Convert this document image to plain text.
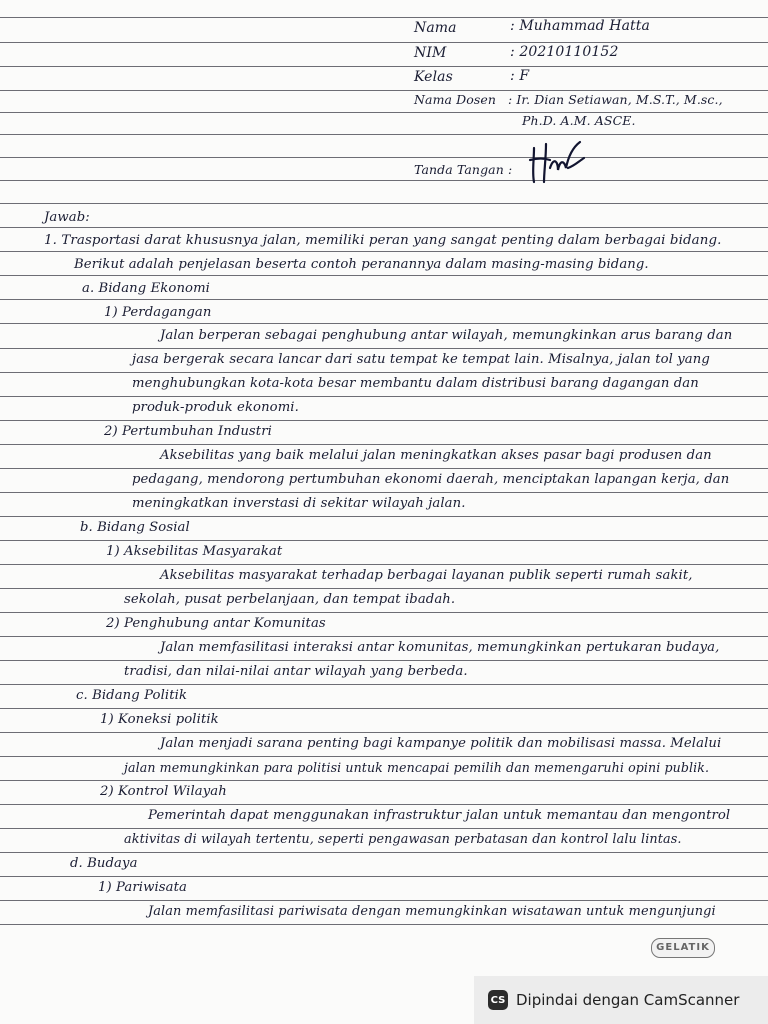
Nama	: Muhammad Hatta
NIM	: 20210110152
Kelas	: F
Nama Dosen : Ir. Dian Setiawan, M.S.T., M.sc.,
Ph.D. A.M. ASCE.
Tanda Tangan :
Jawab:
1. Trasportasi darat khususnya jalan, memiliki peran yang sangat penting dalam berbagai bidang.
Berikut adalah penjelasan beserta contoh peranannya dalam masing-masing bidang.
a. Bidang Ekonomi
1) Perdagangan
Jalan berperan sebagai penghubung antar wilayah, memungkinkan arus barang dan
jasa bergerak secara lancar dari satu tempat ke tempat lain. Misalnya, jalan tol yang
menghubungkan kota-kota besar membantu dalam distribusi barang dagangan dan
produk-produk ekonomi.
2) Pertumbuhan Industri
Aksebilitas yang baik melalui jalan meningkatkan akses pasar bagi produsen dan
pedagang, mendorong pertumbuhan ekonomi daerah, menciptakan lapangan kerja, dan
meningkatkan inverstasi di sekitar wilayah jalan.
b. Bidang Sosial
1) Aksebilitas Masyarakat
Aksebilitas masyarakat terhadap berbagai layanan publik seperti rumah sakit,
sekolah, pusat perbelanjaan, dan tempat ibadah.
2) Penghubung antar Komunitas
Jalan memfasilitasi interaksi antar komunitas, memungkinkan pertukaran budaya,
tradisi, dan nilai-nilai antar wilayah yang berbeda.
c. Bidang Politik
1) Koneksi politik
Jalan menjadi sarana penting bagi kampanye politik dan mobilisasi massa. Melalui
jalan memungkinkan para politisi untuk mencapai pemilih dan memengaruhi opini publik.
2) Kontrol Wilayah
Pemerintah dapat menggunakan infrastruktur jalan untuk memantau dan mengontrol
aktivitas di wilayah tertentu, seperti pengawasan perbatasan dan kontrol lalu lintas.
d. Budaya
1) Pariwisata
Jalan memfasilitasi pariwisata dengan memungkinkan wisatawan untuk mengunjungi
GELATIK
CS Dipindai dengan CamScanner
